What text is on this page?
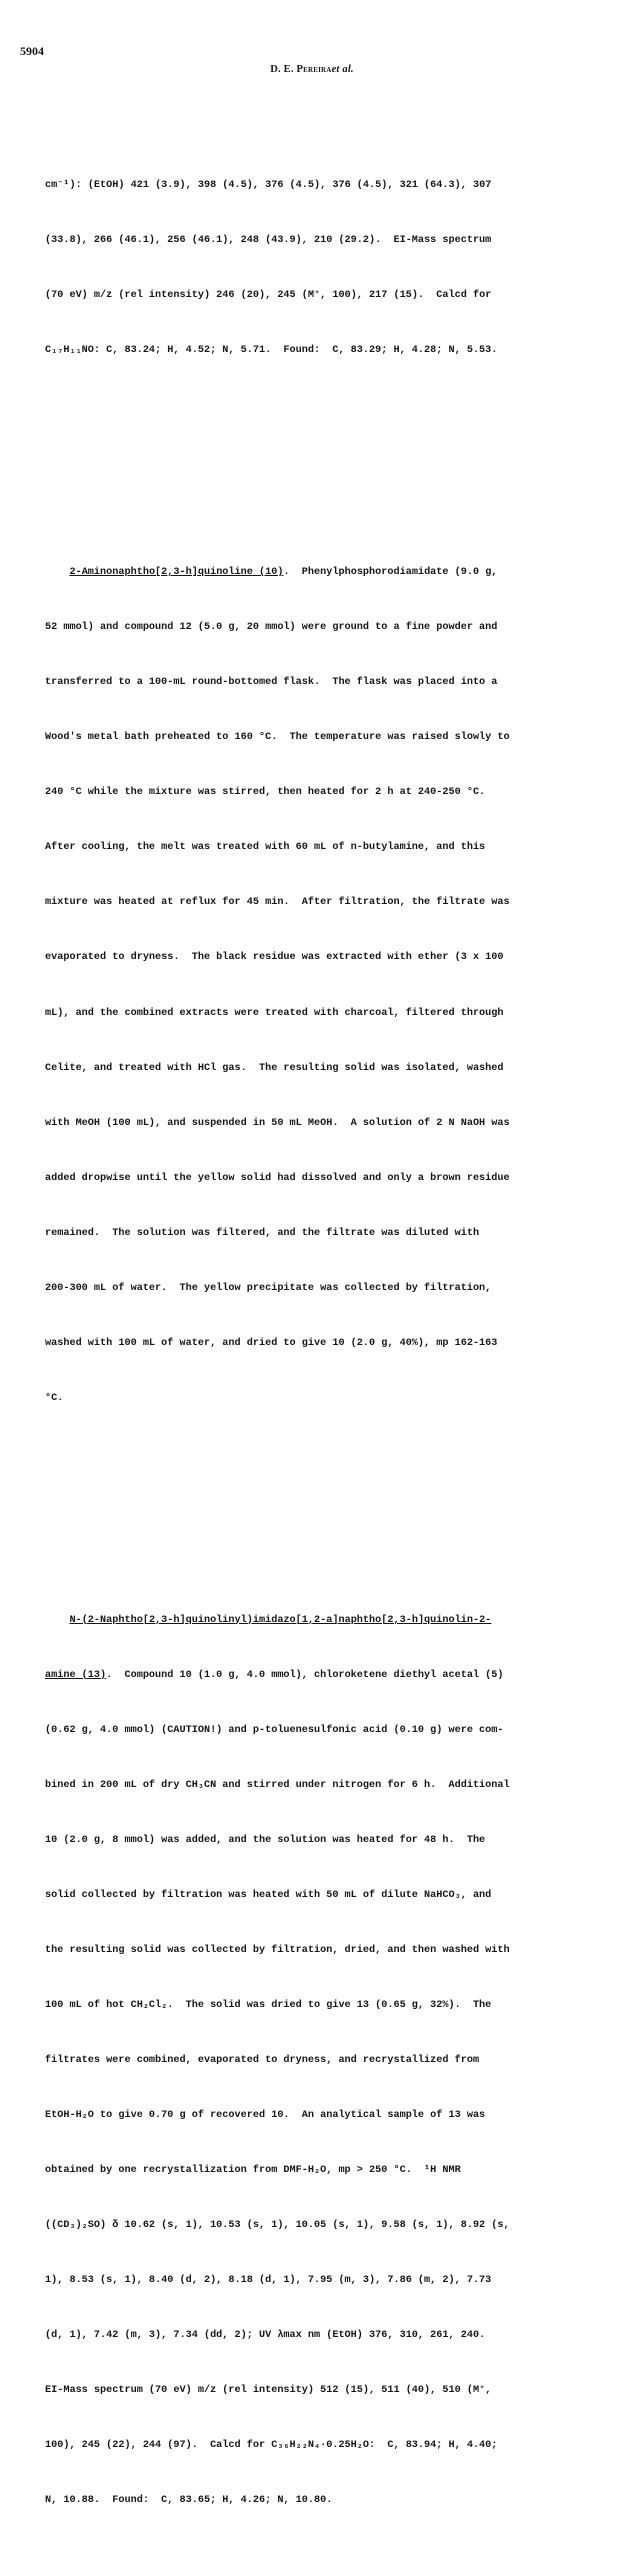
5904
D. E. Pereiraet al.

cm⁻¹): (EtOH) 421 (3.9), 398 (4.5), 376 (4.5), 376 (4.5), 321 (64.3), 307

(33.8), 266 (46.1), 256 (46.1), 248 (43.9), 210 (29.2).  EI-Mass spectrum

(70 eV) m/z (rel intensity) 246 (20), 245 (M⁺, 100), 217 (15).  Calcd for

C₁₇H₁₁NO: C, 83.24; H, 4.52; N, 5.71.  Found:  C, 83.29; H, 4.28; N, 5.53.

2-Aminonaphtho[2,3-h]quinoline (10).  Phenylphosphorodiamidate (9.0 g,

52 mmol) and compound 12 (5.0 g, 20 mmol) were ground to a fine powder and

transferred to a 100-mL round-bottomed flask.  The flask was placed into a

Wood's metal bath preheated to 160 °C.  The temperature was raised slowly to

240 °C while the mixture was stirred, then heated for 2 h at 240-250 °C.

After cooling, the melt was treated with 60 mL of n-butylamine, and this

mixture was heated at reflux for 45 min.  After filtration, the filtrate was

evaporated to dryness.  The black residue was extracted with ether (3 x 100

mL), and the combined extracts were treated with charcoal, filtered through

Celite, and treated with HCl gas.  The resulting solid was isolated, washed

with MeOH (100 mL), and suspended in 50 mL MeOH.  A solution of 2 N NaOH was

added dropwise until the yellow solid had dissolved and only a brown residue

remained.  The solution was filtered, and the filtrate was diluted with

200-300 mL of water.  The yellow precipitate was collected by filtration,

washed with 100 mL of water, and dried to give 10 (2.0 g, 40%), mp 162-163

°C.

N-(2-Naphtho[2,3-h]quinolinyl)imidazo[1,2-a]naphtho[2,3-h]quinolin-2-

amine (13).  Compound 10 (1.0 g, 4.0 mmol), chloroketene diethyl acetal (5)

(0.62 g, 4.0 mmol) (CAUTION!) and p-toluenesulfonic acid (0.10 g) were com-

bined in 200 mL of dry CH₃CN and stirred under nitrogen for 6 h.  Additional

10 (2.0 g, 8 mmol) was added, and the solution was heated for 48 h.  The

solid collected by filtration was heated with 50 mL of dilute NaHCO₃, and

the resulting solid was collected by filtration, dried, and then washed with

100 mL of hot CH₂Cl₂.  The solid was dried to give 13 (0.65 g, 32%).  The

filtrates were combined, evaporated to dryness, and recrystallized from

EtOH-H₂O to give 0.70 g of recovered 10.  An analytical sample of 13 was

obtained by one recrystallization from DMF-H₂O, mp > 250 °C.  ¹H NMR

((CD₃)₂SO) δ 10.62 (s, 1), 10.53 (s, 1), 10.05 (s, 1), 9.58 (s, 1), 8.92 (s,

1), 8.53 (s, 1), 8.40 (d, 2), 8.18 (d, 1), 7.95 (m, 3), 7.86 (m, 2), 7.73

(d, 1), 7.42 (m, 3), 7.34 (dd, 2); UV λmax nm (EtOH) 376, 310, 261, 240.

EI-Mass spectrum (70 eV) m/z (rel intensity) 512 (15), 511 (40), 510 (M⁺,

100), 245 (22), 244 (97).  Calcd for C₃₆H₂₂N₄·0.25H₂O:  C, 83.94; H, 4.40;

N, 10.88.  Found:  C, 83.65; H, 4.26; N, 10.80.
